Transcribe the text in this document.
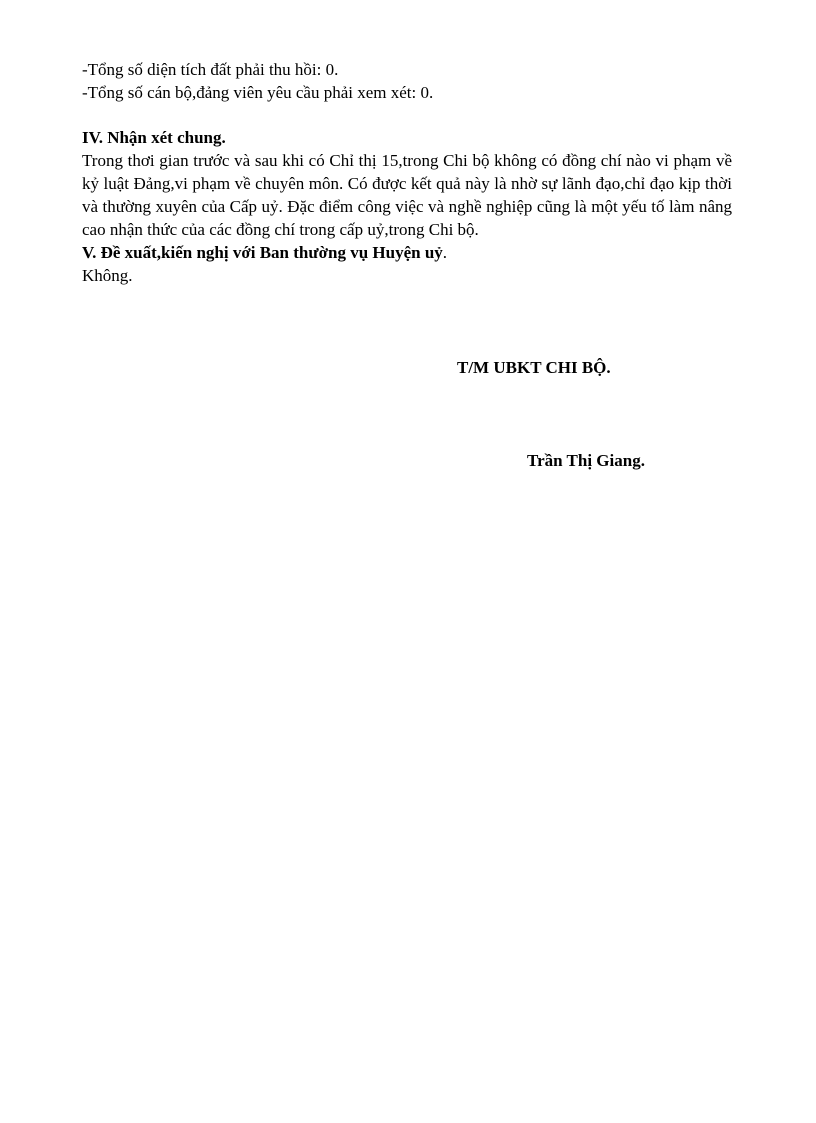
-Tổng số diện tích đất phải thu hồi: 0.

-Tổng số cán bộ,đảng viên yêu cầu phải xem xét: 0.

IV. Nhận xét chung.

Trong thơi gian trước và sau khi có Chỉ thị 15,trong Chi bộ không có đồng chí nào vi phạm về kỷ luật Đảng,vi phạm về chuyên môn. Có được kết quả này là nhờ sự lãnh đạo,chỉ đạo kịp thời và thường xuyên của Cấp uỷ. Đặc điểm công việc và nghề nghiệp cũng là một yếu tố làm nâng cao nhận thức của các đồng chí trong cấp uỷ,trong Chi bộ.

V. Đề xuất,kiến nghị với Ban thường vụ Huyện uỷ.

Không.

T/M UBKT CHI BỘ.
Trần Thị Giang.
